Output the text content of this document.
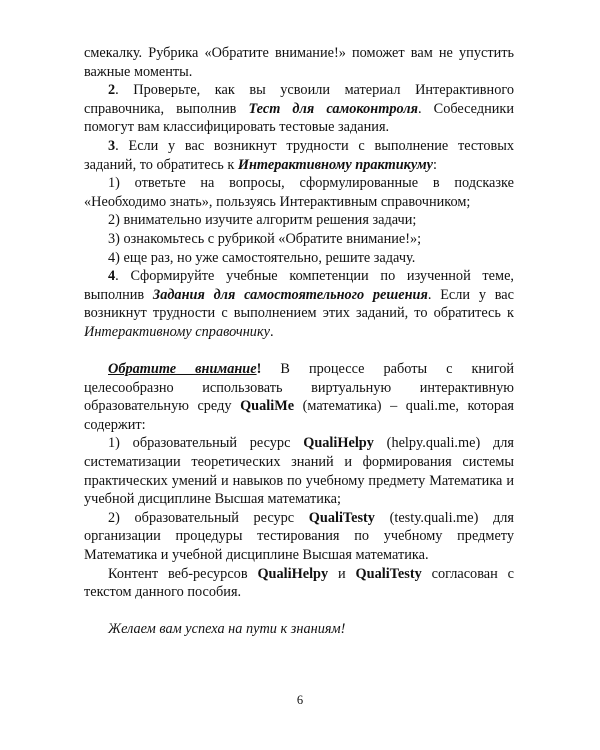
смекалку. Рубрика «Обратите внимание!» поможет вам не упустить важные моменты.

2. Проверьте, как вы усвоили материал Интерактивного справочника, выполнив Тест для самоконтроля. Собеседники помогут вам классифицировать тестовые задания.

3. Если у вас возникнут трудности с выполнение тестовых заданий, то обратитесь к Интерактивному практикуму:

1) ответьте на вопросы, сформулированные в подсказке «Необходимо знать», пользуясь Интерактивным справочником;

2) внимательно изучите алгоритм решения задачи;

3) ознакомьтесь с рубрикой «Обратите внимание!»;

4) еще раз, но уже самостоятельно, решите задачу.

4. Сформируйте учебные компетенции по изученной теме, выполнив Задания для самостоятельного решения. Если у вас возникнут трудности с выполнением этих заданий, то обратитесь к Интерактивному справочнику.

Обратите внимание! В процессе работы с книгой целесообразно использовать виртуальную интерактивную образовательную среду QualiMe (математика) – quali.me, которая содержит:

1) образовательный ресурс QualiHelpy (helpy.quali.me) для систематизации теоретических знаний и формирования системы практических умений и навыков по учебному предмету Математика и учебной дисциплине Высшая математика;

2) образовательный ресурс QualiTesty (testy.quali.me) для организации процедуры тестирования по учебному предмету Математика и учебной дисциплине Высшая математика.

Контент веб-ресурсов QualiHelpy и QualiTesty согласован с текстом данного пособия.

Желаем вам успеха на пути к знаниям!

6
